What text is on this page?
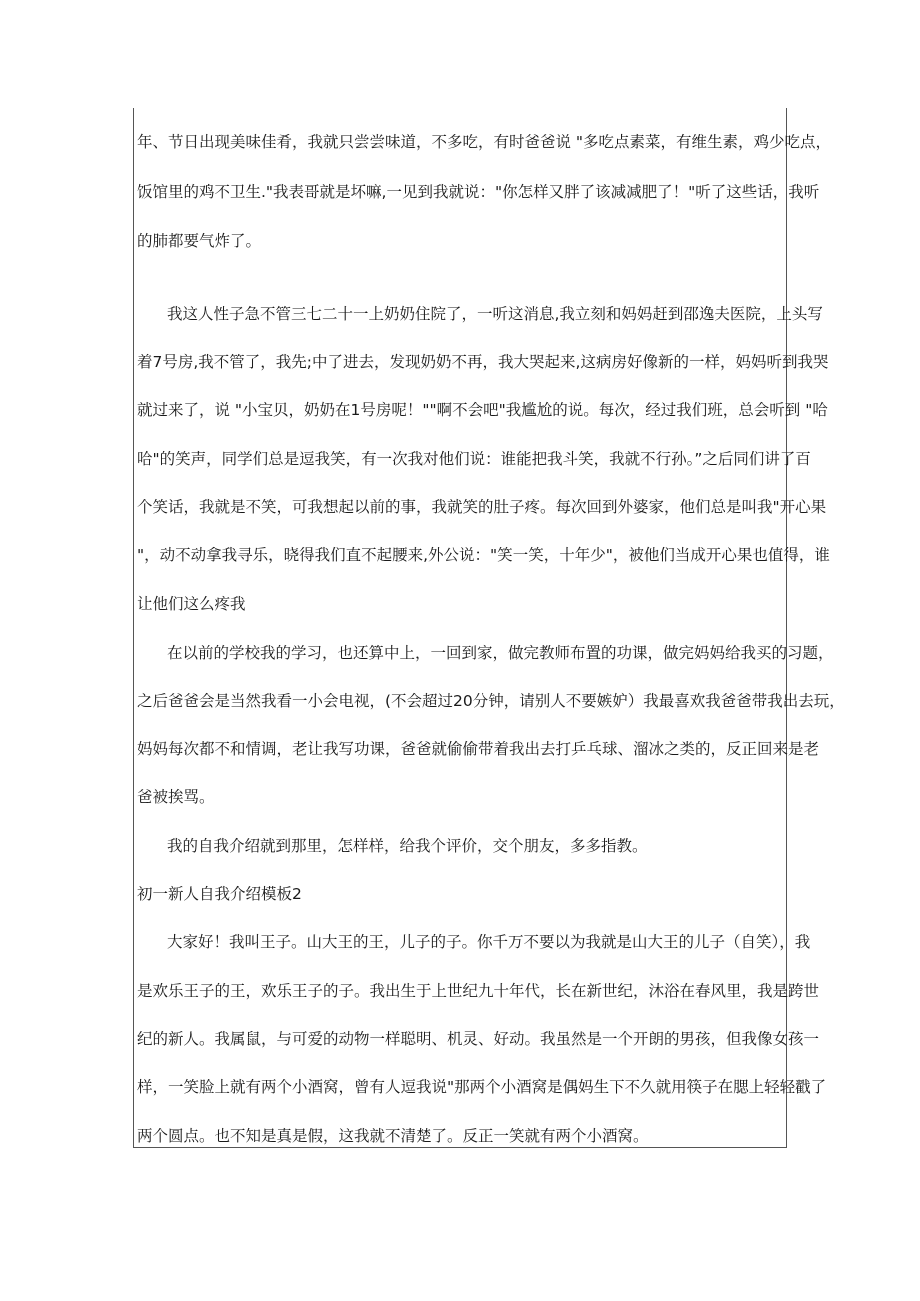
年、节日出现美味佳肴，我就只尝尝味道，不多吃，有时爸爸说 "多吃点素菜，有维生素，鸡少吃点，
饭馆里的鸡不卫生."我表哥就是坏嘛,一见到我就说："你怎样又胖了该减减肥了！"听了这些话，我听
的肺都要气炸了。
我这人性子急不管三七二十一上奶奶住院了，一听这消息,我立刻和妈妈赶到邵逸夫医院，上头写
着7号房,我不管了，我先;中了进去，发现奶奶不再，我大哭起来,这病房好像新的一样，妈妈听到我哭
就过来了，说 "小宝贝，奶奶在1号房呢！""啊不会吧"我尴尬的说。每次，经过我们班，总会听到 "哈
哈"的笑声，同学们总是逗我笑，有一次我对他们说：谁能把我斗笑，我就不行孙。”之后同们讲了百
个笑话，我就是不笑，可我想起以前的事，我就笑的肚子疼。每次回到外婆家，他们总是叫我"开心果
"，动不动拿我寻乐，晓得我们直不起腰来,外公说："笑一笑，十年少"，被他们当成开心果也值得，谁
让他们这么疼我
在以前的学校我的学习，也还算中上，一回到家，做完教师布置的功课，做完妈妈给我买的习题，
之后爸爸会是当然我看一小会电视，(不会超过20分钟，请别人不要嫉妒）我最喜欢我爸爸带我出去玩，
妈妈每次都不和情调，老让我写功课，爸爸就偷偷带着我出去打乒乓球、溜冰之类的，反正回来是老
爸被挨骂。
我的自我介绍就到那里，怎样样，给我个评价，交个朋友，多多指教。
初一新人自我介绍模板2
大家好！我叫王子。山大王的王，儿子的子。你千万不要以为我就是山大王的儿子（自笑），我
是欢乐王子的王，欢乐王子的子。我出生于上世纪九十年代，长在新世纪，沐浴在春风里，我是跨世
纪的新人。我属鼠，与可爱的动物一样聪明、机灵、好动。我虽然是一个开朗的男孩，但我像女孩一
样，一笑脸上就有两个小酒窝，曾有人逗我说"那两个小酒窝是偶妈生下不久就用筷子在腮上轻轻戳了
两个圆点。也不知是真是假，这我就不清楚了。反正一笑就有两个小酒窝。
